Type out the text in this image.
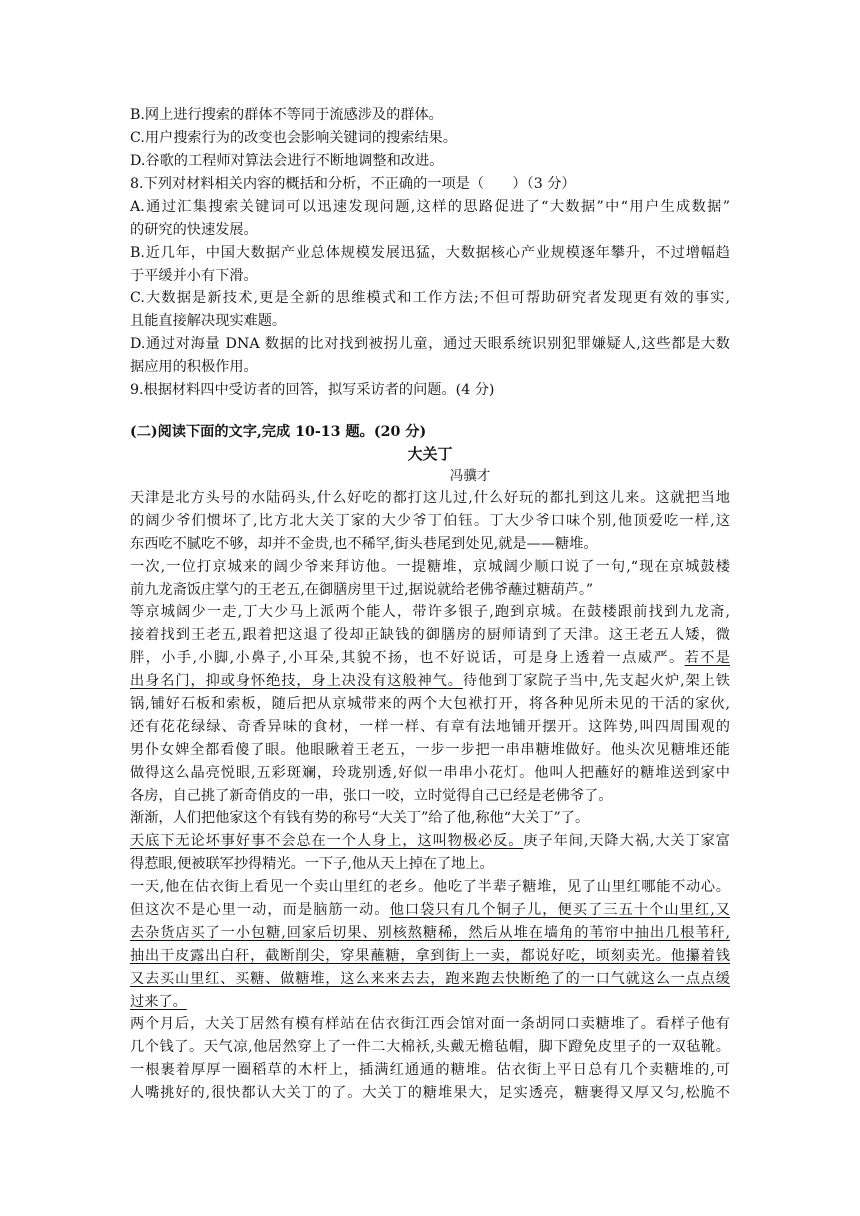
B.网上进行搜索的群体不等同于流感涉及的群体。
C.用户搜索行为的改变也会影响关键词的搜索结果。
D.谷歌的工程师对算法会进行不断地调整和改进。
8.下列对材料相关内容的概括和分析，不正确的一项是（　　）（3 分）
A.通过汇集搜索关键词可以迅速发现问题,这样的思路促进了“大数据”中“用户生成数据”
的研究的快速发展。
B.近几年，中国大数据产业总体规模发展迅猛，大数据核心产业规模逐年攀升，不过增幅趋
于平缓并小有下滑。
C.大数据是新技术,更是全新的思维模式和工作方法;不但可帮助研究者发现更有效的事实,
且能直接解决现实难题。
D.通过对海量 DNA 数据的比对找到被拐儿童，通过天眼系统识别犯罪嫌疑人,这些都是大数
据应用的积极作用。
9.根据材料四中受访者的回答，拟写采访者的问题。(4 分)
(二)阅读下面的文字,完成 10-13 题。(20 分)
大关丁
冯骥才
天津是北方头号的水陆码头,什么好吃的都打这儿过,什么好玩的都扎到这儿来。这就把当地
的阔少爷们惯坏了,比方北大关丁家的大少爷丁伯钰。丁大少爷口味个别,他顶爱吃一样,这
东西吃不腻吃不够，却并不金贵,也不稀罕,街头巷尾到处见,就是——糖堆。
一次,一位打京城来的阔少爷来拜访他。一提糖堆，京城阔少顺口说了一句,“现在京城鼓楼
前九龙斋饭庄掌勺的王老五,在御膳房里干过,据说就给老佛爷蘸过糖葫芦。”
等京城阔少一走,丁大少马上派两个能人，带许多银子,跑到京城。在鼓楼跟前找到九龙斋,
接着找到王老五,跟着把这退了役却正缺钱的御膳房的厨师请到了天津。这王老五人矮，微
胖，小手,小脚,小鼻子,小耳朵,其貌不扬，也不好说话，可是身上透着一点威严。若不是
出身名门，抑或身怀绝技，身上决没有这般神气。待他到丁家院子当中,先支起火炉,架上铁
锅,铺好石板和索板，随后把从京城带来的两个大包袱打开，将各种见所未见的干活的家伙,
还有花花绿绿、奇香异味的食材，一样一样、有章有法地铺开摆开。这阵势,叫四周围观的
男仆女婢全都看傻了眼。他眼瞅着王老五，一步一步把一串串糖堆做好。他头次见糖堆还能
做得这么晶亮悦眼,五彩斑斓，玲珑别透,好似一串串小花灯。他叫人把蘸好的糖堆送到家中
各房，自己挑了新奇俏皮的一串，张口一咬，立时觉得自己已经是老佛爷了。
渐渐，人们把他家这个有钱有势的称号“大关丁”给了他,称他“大关丁”了。
天底下无论坏事好事不会总在一个人身上，这叫物极必反。庚子年间,天降大祸,大关丁家富
得惹眼,便被联军抄得精光。一下子,他从天上掉在了地上。
一天,他在估衣街上看见一个卖山里红的老乡。他吃了半辈子糖堆，见了山里红哪能不动心。
但这次不是心里一动，而是脑筋一动。他口袋只有几个铜子儿，便买了三五十个山里红,又
去杂货店买了一小包糖,回家后切果、别核熬糖稀，然后从堆在墙角的苇帘中抽出几根苇秆,
抽出干皮露出白秆，截断削尖，穿果蘸糖，拿到街上一卖，都说好吃，顷刻卖光。他攥着钱
又去买山里红、买糖、做糖堆，这么来来去去，跑来跑去快断绝了的一口气就这么一点点缓
过来了。
两个月后，大关丁居然有模有样站在估衣街江西会馆对面一条胡同口卖糖堆了。看样子他有
几个钱了。天气凉,他居然穿上了一件二大棉袄,头戴无檐毡帽，脚下蹬免皮里子的一双毡靴。
一根裹着厚厚一圈稻草的木杆上，插满红通通的糖堆。估衣街上平日总有几个卖糖堆的,可
人嘴挑好的,很快都认大关丁的了。大关丁的糖堆果大，足实透亮，糖裹得又厚又匀,松脆不
